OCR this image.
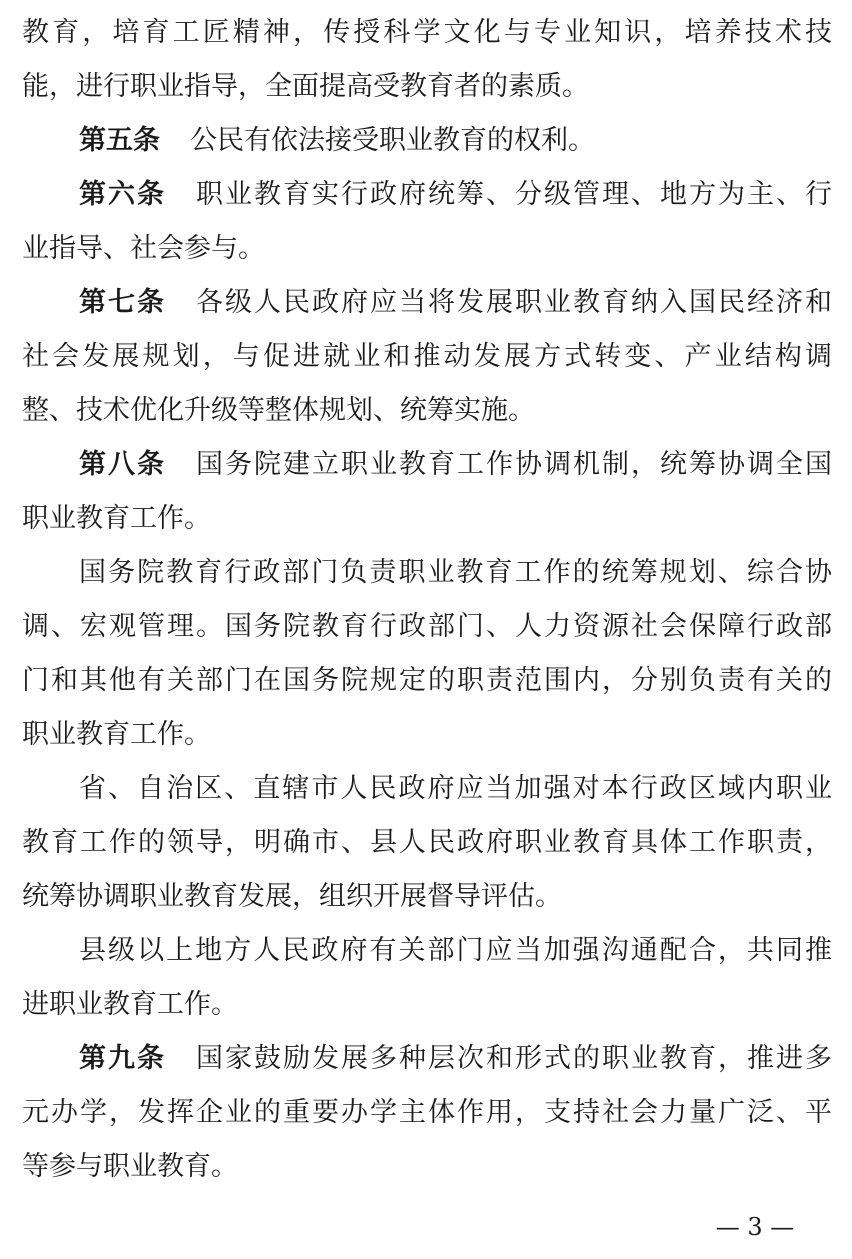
教育，培育工匠精神，传授科学文化与专业知识，培养技术技
能，进行职业指导，全面提高受教育者的素质。
第五条 公民有依法接受职业教育的权利。
第六条 职业教育实行政府统筹、分级管理、地方为主、行
业指导、社会参与。
第七条 各级人民政府应当将发展职业教育纳入国民经济和
社会发展规划，与促进就业和推动发展方式转变、产业结构调
整、技术优化升级等整体规划、统筹实施。
第八条 国务院建立职业教育工作协调机制，统筹协调全国
职业教育工作。
国务院教育行政部门负责职业教育工作的统筹规划、综合协
调、宏观管理。国务院教育行政部门、人力资源社会保障行政部
门和其他有关部门在国务院规定的职责范围内，分别负责有关的
职业教育工作。
省、自治区、直辖市人民政府应当加强对本行政区域内职业
教育工作的领导，明确市、县人民政府职业教育具体工作职责，
统筹协调职业教育发展，组织开展督导评估。
县级以上地方人民政府有关部门应当加强沟通配合，共同推
进职业教育工作。
第九条 国家鼓励发展多种层次和形式的职业教育，推进多
元办学，发挥企业的重要办学主体作用，支持社会力量广泛、平
等参与职业教育。
— 3 —
